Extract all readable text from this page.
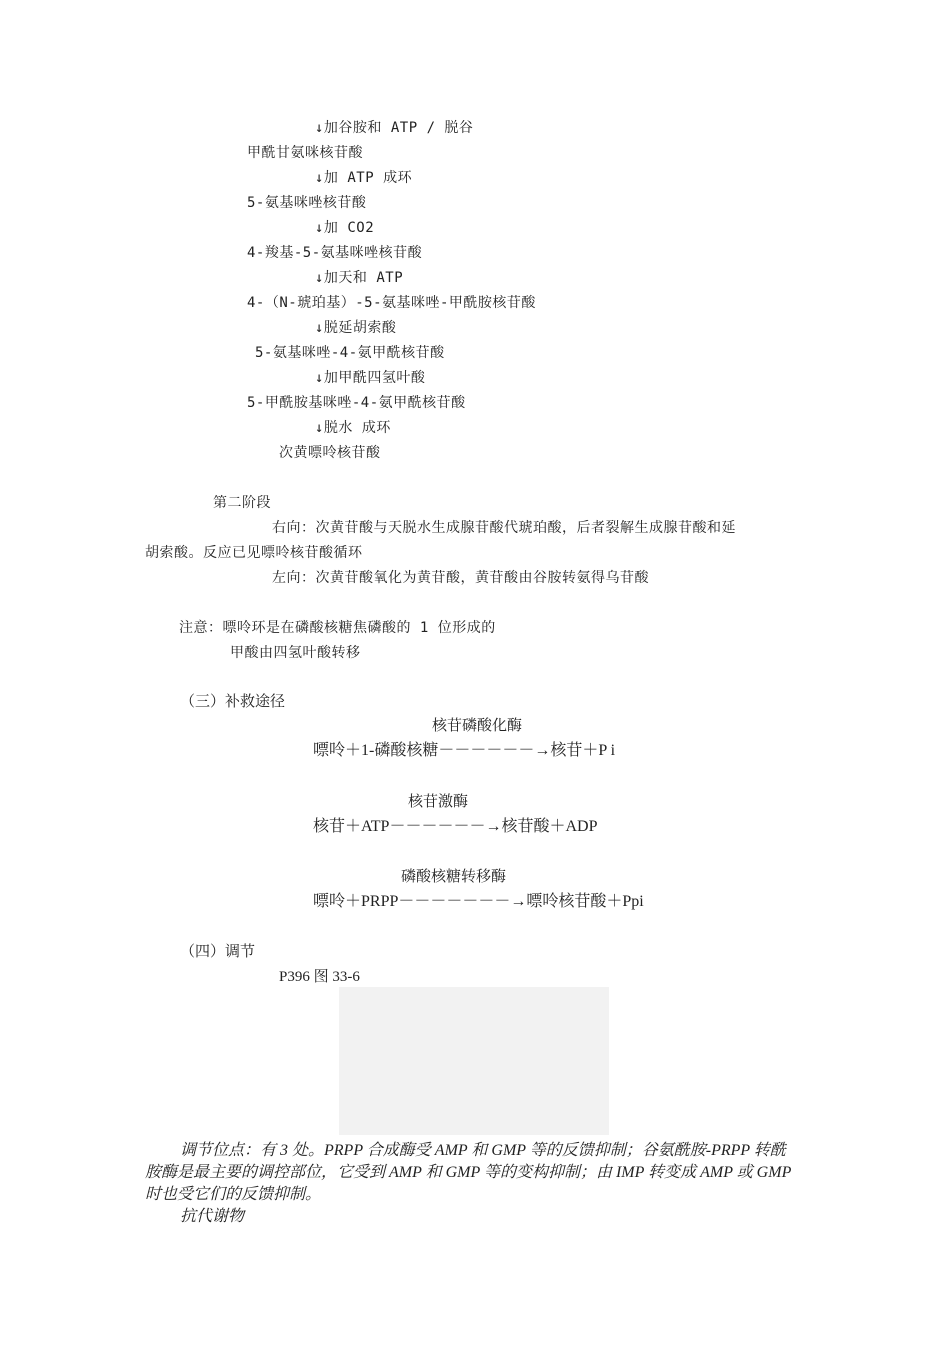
↓加谷胺和 ATP / 脱谷
甲酰甘氨咪核苷酸
↓加 ATP 成环
5-氨基咪唑核苷酸
↓加 CO2
4-羧基-5-氨基咪唑核苷酸
↓加天和 ATP
4-（N-琥珀基）-5-氨基咪唑-甲酰胺核苷酸
↓脱延胡索酸
5-氨基咪唑-4-氨甲酰核苷酸
↓加甲酰四氢叶酸
5-甲酰胺基咪唑-4-氨甲酰核苷酸
↓脱水 成环
次黄嘌呤核苷酸
第二阶段
右向：次黄苷酸与天脱水生成腺苷酸代琥珀酸，后者裂解生成腺苷酸和延
胡索酸。反应已见嘌呤核苷酸循环
左向：次黄苷酸氧化为黄苷酸，黄苷酸由谷胺转氨得乌苷酸
注意：嘌呤环是在磷酸核糖焦磷酸的 1 位形成的
甲酸由四氢叶酸转移
（三）补救途径
核苷磷酸化酶
嘌呤＋1-磷酸核糖－－－－－－→核苷＋P i
核苷激酶
核苷＋ATP－－－－－－→核苷酸＋ADP
磷酸核糖转移酶
嘌呤＋PRPP－－－－－－－→嘌呤核苷酸＋Ppi
（四）调节
P396 图 33-6
调节位点：有 3 处。PRPP 合成酶受 AMP 和 GMP 等的反馈抑制；谷氨酰胺-PRPP 转酰
胺酶是最主要的调控部位，它受到 AMP 和 GMP 等的变构抑制；由 IMP 转变成 AMP 或 GMP
时也受它们的反馈抑制。
抗代谢物
